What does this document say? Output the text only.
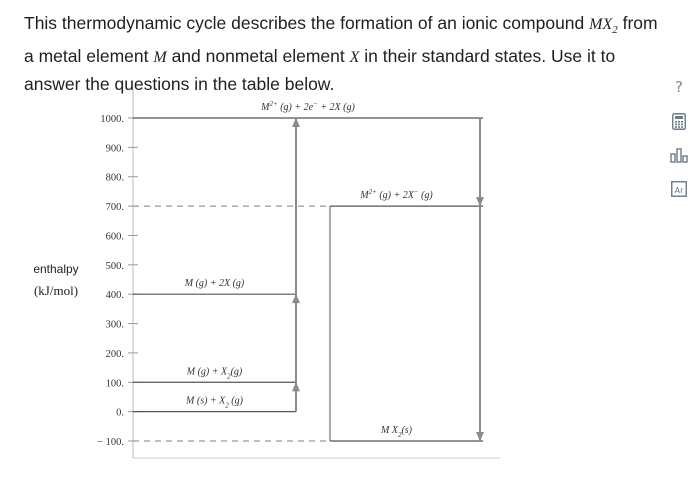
This thermodynamic cycle describes the formation of an ionic compound $MX_2$ from a metal element M and nonmetal element X in their standard states. Use it to answer the questions in the table below.

1000.
900.
800.
700.
600.
500.
400.
300.
200.
100.
0.
− 100.
enthalpy
(kJ/mol)
$M^{2+}$ (g) + 2e− + 2X (g)
$M^{2+}$ (g) + 2X− (g)
M (g) + 2X (g)
M $(g) + X_2(g)$
M $(s) + X_2$ (g)
M $X_2(s)$
?
Ar
